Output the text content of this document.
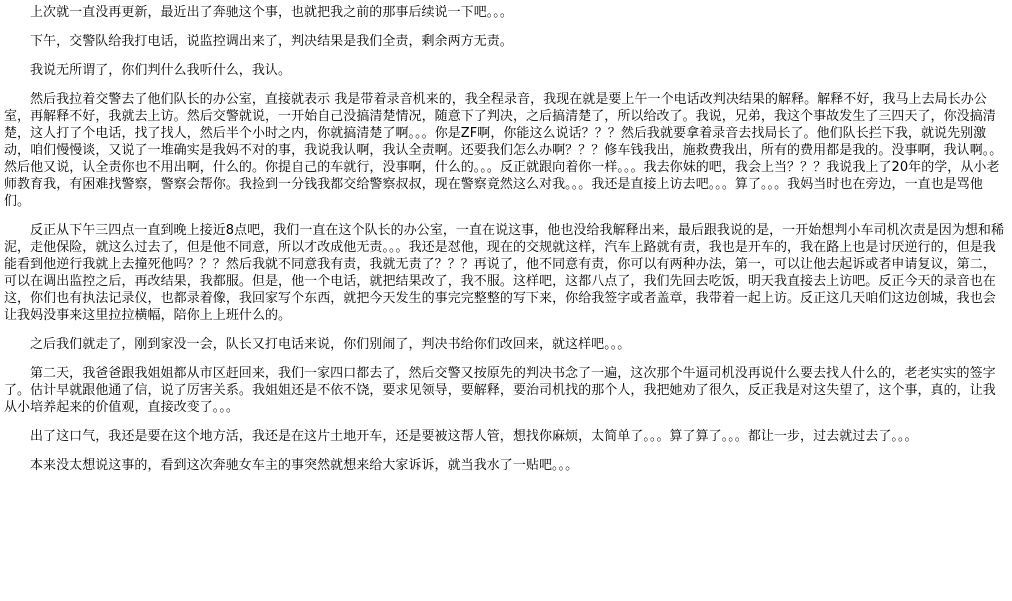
上次就一直没再更新，最近出了奔驰这个事，也就把我之前的那事后续说一下吧。。。

下午，交警队给我打电话，说监控调出来了，判决结果是我们全责，剩余两方无责。

我说无所谓了，你们判什么我听什么，我认。

然后我拉着交警去了他们队长的办公室，直接就表示 我是带着录音机来的，我全程录音，我现在就是要上午一个电话改判决结果的解释。解释不好，我马上去局长办公室，再解释不好，我就去上访。然后交警就说，一开始自己没搞清楚情况，随意下了判决，之后搞清楚了，所以给改了。我说，兄弟，我这个事故发生了三四天了，你没搞清楚，这人打了个电话，找了找人，然后半个小时之内，你就搞清楚了啊。。。你是ZF啊，你能这么说话？？？然后我就要拿着录音去找局长了。他们队长拦下我，就说先别激动，咱们慢慢谈，又说了一堆确实是我妈不对的事，我说我认啊，我认全责啊。还要我们怎么办啊？？？修车钱我出，施救费我出，所有的费用都是我的。没事啊，我认啊。。然后他又说，认全责你也不用出啊，什么的。你提自己的车就行，没事啊，什么的。。。反正就跟向着你一样。。。我去你妹的吧，我会上当？？？我说我上了20年的学，从小老师教育我，有困难找警察，警察会帮你。我捡到一分钱我都交给警察叔叔，现在警察竟然这么对我。。。我还是直接上访去吧。。。算了。。。我妈当时也在旁边，一直也是骂他们。

反正从下午三四点一直到晚上接近8点吧，我们一直在这个队长的办公室，一直在说这事，他也没给我解释出来，最后跟我说的是，一开始想判小车司机次责是因为想和稀泥，走他保险，就这么过去了，但是他不同意，所以才改成他无责。。。我还是怼他，现在的交规就这样，汽车上路就有责，我也是开车的，我在路上也是讨厌逆行的，但是我能看到他逆行我就上去撞死他吗？？？然后我就不同意我有责，我就无责了？？？再说了，他不同意有责，你可以有两种办法，第一，可以让他去起诉或者申请复议，第二，可以在调出监控之后，再改结果，我都服。但是，他一个电话，就把结果改了，我不服。这样吧，这都八点了，我们先回去吃饭，明天我直接去上访吧。反正今天的录音也在这，你们也有执法记录仪，也都录着像，我回家写个东西，就把今天发生的事完完整整的写下来，你给我签字或者盖章，我带着一起上访。反正这几天咱们这边创城，我也会让我妈没事来这里拉拉横幅，陪你上上班什么的。

之后我们就走了，刚到家没一会，队长又打电话来说，你们别闹了，判决书给你们改回来，就这样吧。。。

第二天，我爸爸跟我姐姐都从市区赶回来，我们一家四口都去了，然后交警又按原先的判决书念了一遍，这次那个牛逼司机没再说什么要去找人什么的，老老实实的签字了。估计早就跟他通了信，说了厉害关系。我姐姐还是不依不饶，要求见领导，要解释，要治司机找的那个人，我把她劝了很久，反正我是对这失望了，这个事，真的，让我从小培养起来的价值观，直接改变了。。。

出了这口气，我还是要在这个地方活，我还是在这片土地开车，还是要被这帮人管，想找你麻烦，太简单了。。。算了算了。。。都让一步，过去就过去了。。。

本来没太想说这事的，看到这次奔驰女车主的事突然就想来给大家诉诉，就当我水了一贴吧。。。
